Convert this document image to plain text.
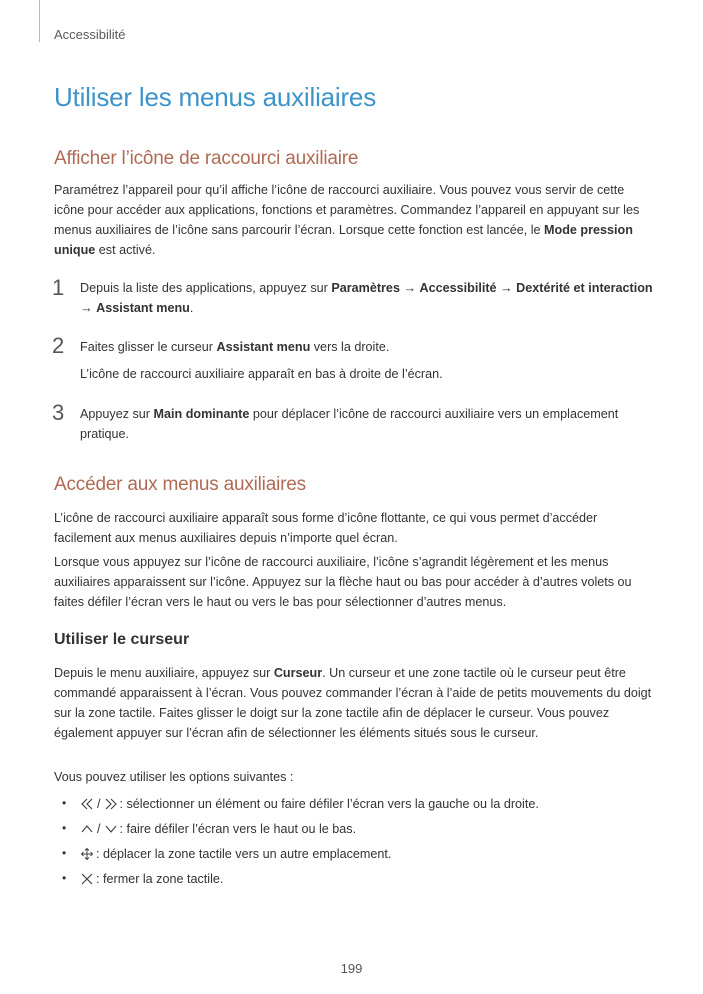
Accessibilité
Utiliser les menus auxiliaires
Afficher l’icône de raccourci auxiliaire

Paramétrez l’appareil pour qu’il affiche l’icône de raccourci auxiliaire. Vous pouvez vous servir de cette icône pour accéder aux applications, fonctions et paramètres. Commandez l’appareil en appuyant sur les menus auxiliaires de l’icône sans parcourir l’écran. Lorsque cette fonction est lancée, le Mode pression unique est activé.

1 Depuis la liste des applications, appuyez sur Paramètres → Accessibilité → Dextérité et interaction → Assistant menu.

2 Faites glisser le curseur Assistant menu vers la droite.

L’icône de raccourci auxiliaire apparaît en bas à droite de l’écran.

3 Appuyez sur Main dominante pour déplacer l’icône de raccourci auxiliaire vers un emplacement pratique.

Accéder aux menus auxiliaires

L’icône de raccourci auxiliaire apparaît sous forme d’icône flottante, ce qui vous permet d’accéder facilement aux menus auxiliaires depuis n’importe quel écran.

Lorsque vous appuyez sur l’icône de raccourci auxiliaire, l’icône s’agrandit légèrement et les menus auxiliaires apparaissent sur l’icône. Appuyez sur la flèche haut ou bas pour accéder à d’autres volets ou faites défiler l’écran vers le haut ou vers le bas pour sélectionner d’autres menus.

Utiliser le curseur

Depuis le menu auxiliaire, appuyez sur Curseur. Un curseur et une zone tactile où le curseur peut être commandé apparaissent à l’écran. Vous pouvez commander l’écran à l’aide de petits mouvements du doigt sur la zone tactile. Faites glisser le doigt sur la zone tactile afin de déplacer le curseur. Vous pouvez également appuyer sur l’écran afin de sélectionner les éléments situés sous le curseur.

Vous pouvez utiliser les options suivantes :

• / : sélectionner un élément ou faire défiler l’écran vers la gauche ou la droite.
• / : faire défiler l’écran vers le haut ou le bas.
• : déplacer la zone tactile vers un autre emplacement.
• : fermer la zone tactile.
199
